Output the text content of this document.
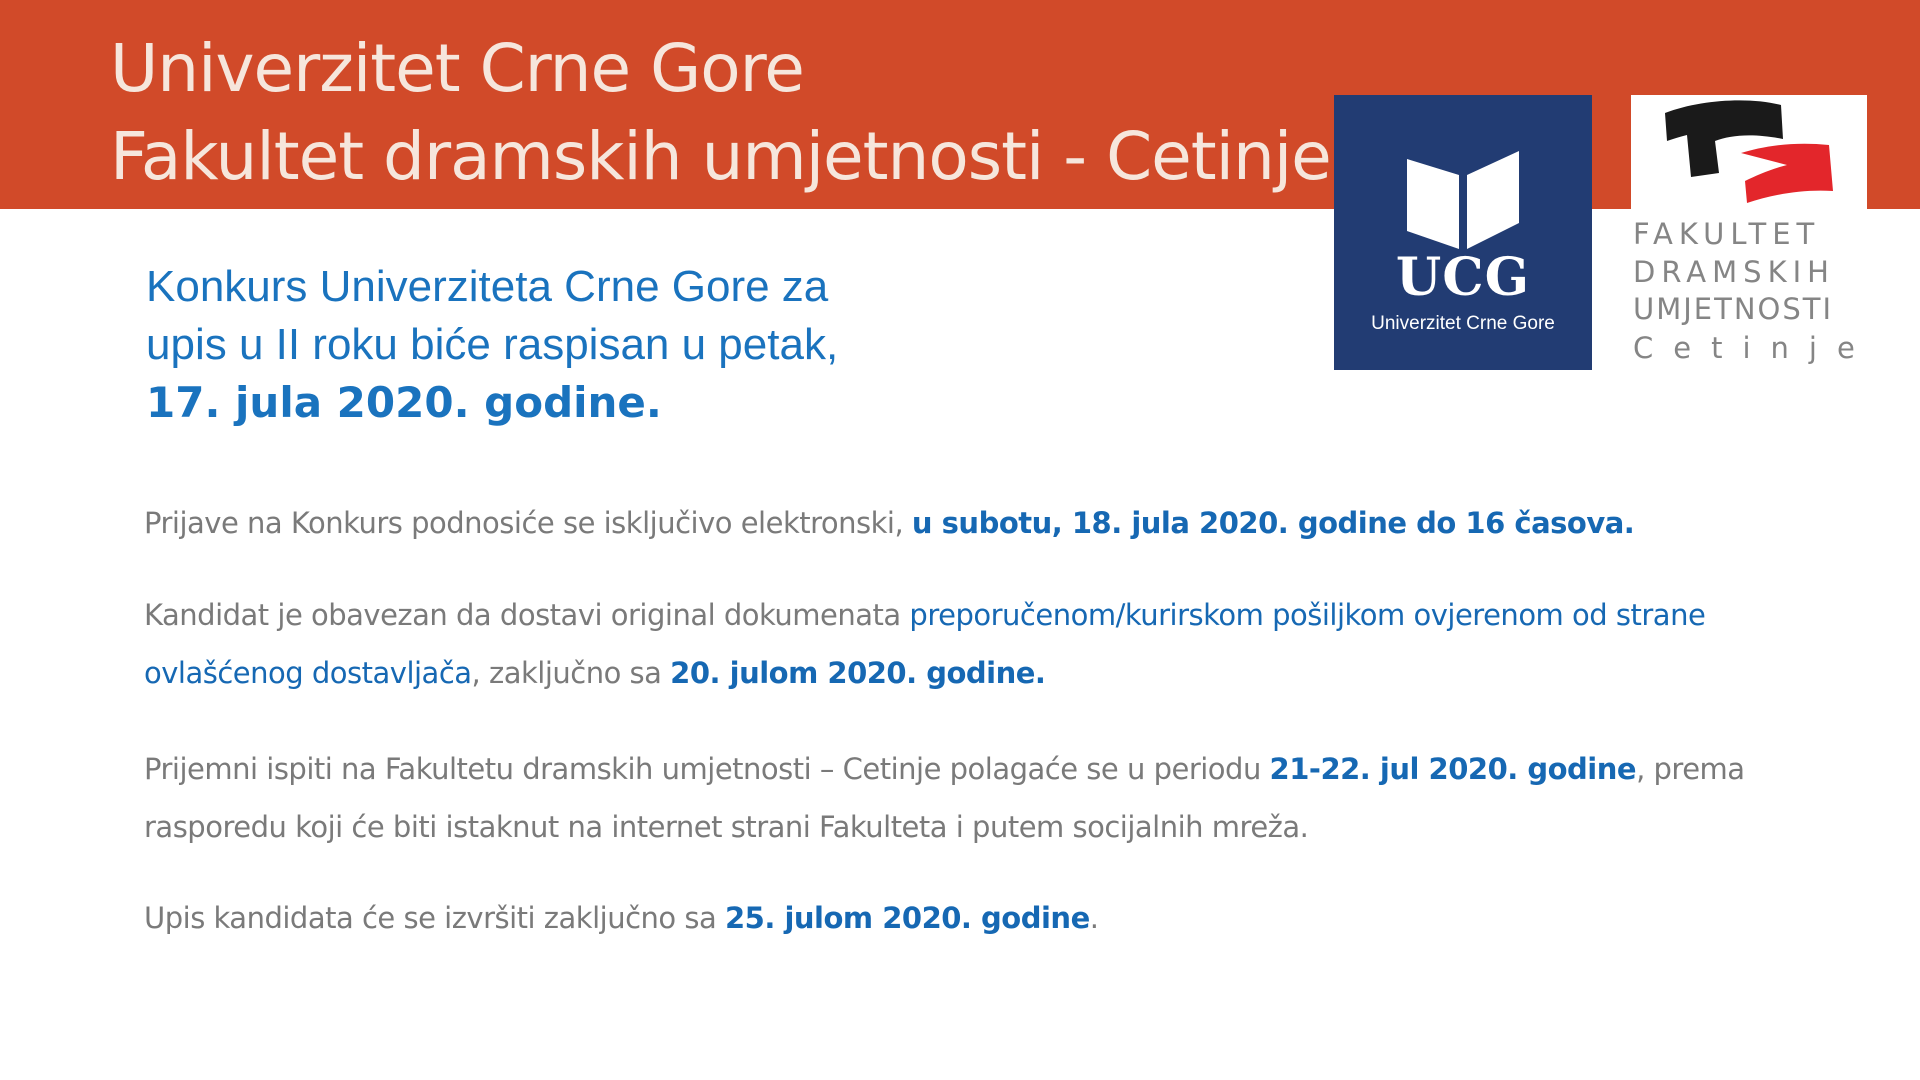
Univerzitet Crne Gore
Fakultet dramskih umjetnosti - Cetinje
UCG
Univerzitet Crne Gore
FAKULTET
DRAMSKIH
UMJETNOSTI
Cetinje
Konkurs Univerziteta Crne Gore za
upis u II roku biće raspisan u petak,
17. jula 2020. godine.
Prijave na Konkurs podnosiće se isključivo elektronski, u subotu, 18. jula 2020. godine do 16 časova.
Kandidat je obavezan da dostavi original dokumenata preporučenom/kurirskom pošiljkom ovjerenom od strane ovlašćenog dostavljača, zaključno sa 20. julom 2020. godine.
Prijemni ispiti na Fakultetu dramskih umjetnosti – Cetinje polagaće se u periodu 21-22. jul 2020. godine, prema rasporedu koji će biti istaknut na internet strani Fakulteta i putem socijalnih mreža.
Upis kandidata će se izvršiti zaključno sa 25. julom 2020. godine.
